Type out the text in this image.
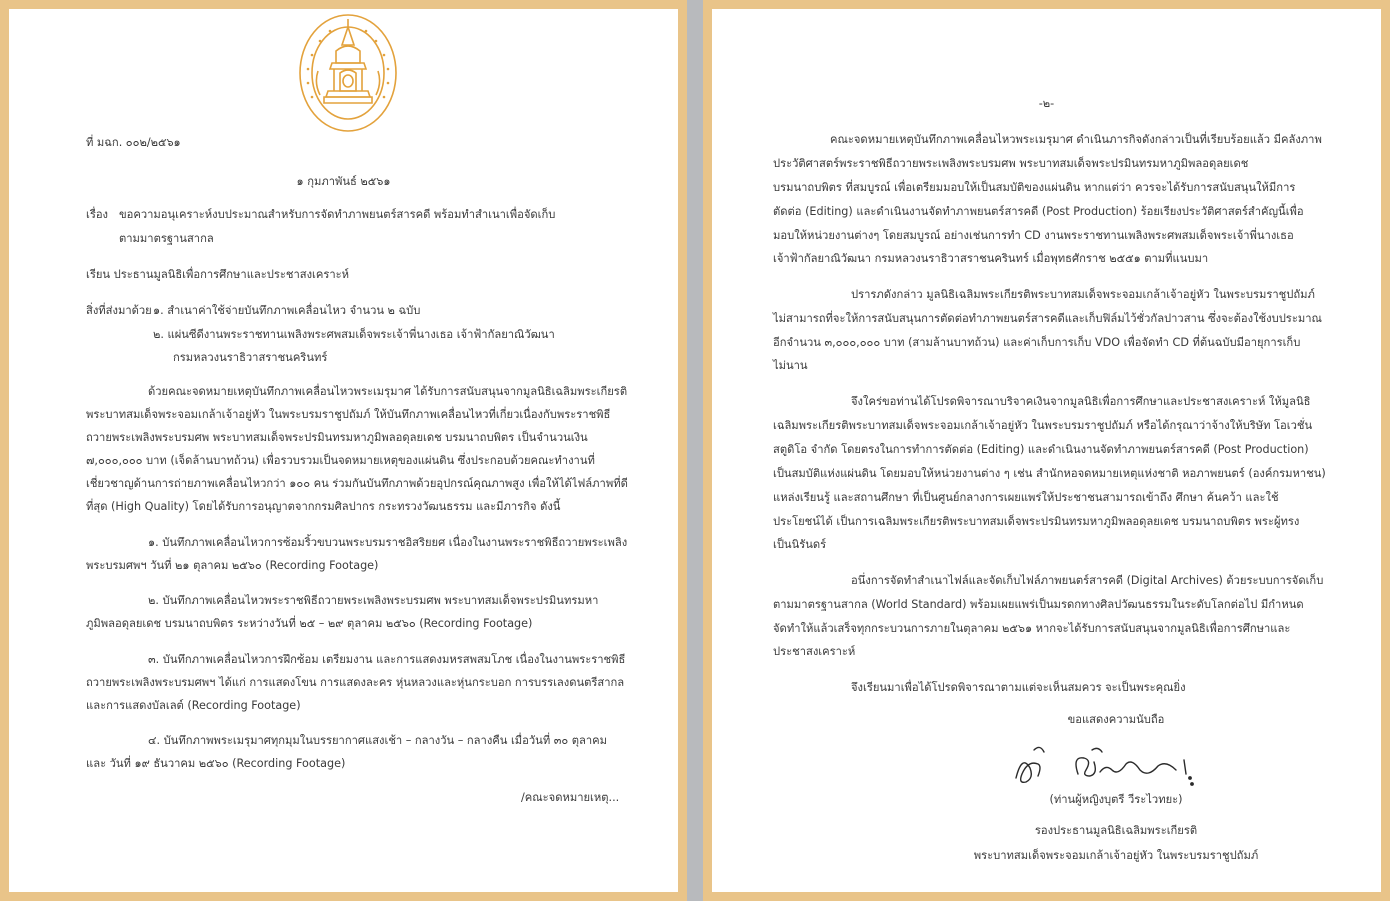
ที่ มฉก. ๐๐๒/๒๕๖๑
๑ กุมภาพันธ์ ๒๕๖๑
เรื่อง ขอความอนุเคราะห์งบประมาณสำหรับการจัดทำภาพยนตร์สารคดี พร้อมทำสำเนาเพื่อจัดเก็บ
ตามมาตรฐานสากล
เรียน ประธานมูลนิธิเพื่อการศึกษาและประชาสงเคราะห์
สิ่งที่ส่งมาด้วย ๑. สำเนาค่าใช้จ่ายบันทึกภาพเคลื่อนไหว จำนวน ๒ ฉบับ
๒. แผ่นซีดีงานพระราชทานเพลิงพระศพสมเด็จพระเจ้าพี่นางเธอ เจ้าฟ้ากัลยาณิวัฒนา
กรมหลวงนราธิวาสราชนครินทร์
ด้วยคณะจดหมายเหตุบันทึกภาพเคลื่อนไหวพระเมรุมาศ ได้รับการสนับสนุนจากมูลนิธิเฉลิมพระเกียรติ
พระบาทสมเด็จพระจอมเกล้าเจ้าอยู่หัว ในพระบรมราชูปถัมภ์ ให้บันทึกภาพเคลื่อนไหวที่เกี่ยวเนื่องกับพระราชพิธี
ถวายพระเพลิงพระบรมศพ พระบาทสมเด็จพระปรมินทรมหาภูมิพลอดุลยเดช บรมนาถบพิตร เป็นจำนวนเงิน
๗,๐๐๐,๐๐๐ บาท (เจ็ดล้านบาทถ้วน) เพื่อรวบรวมเป็นจดหมายเหตุของแผ่นดิน ซึ่งประกอบด้วยคณะทำงานที่
เชี่ยวชาญด้านการถ่ายภาพเคลื่อนไหวกว่า ๑๐๐ คน ร่วมกันบันทึกภาพด้วยอุปกรณ์คุณภาพสูง เพื่อให้ได้ไฟล์ภาพที่ดี
ที่สุด (High Quality) โดยได้รับการอนุญาตจากกรมศิลปากร กระทรวงวัฒนธรรม และมีภารกิจ ดังนี้
๑. บันทึกภาพเคลื่อนไหวการซ้อมริ้วขบวนพระบรมราชอิสริยยศ เนื่องในงานพระราชพิธีถวายพระเพลิง
พระบรมศพฯ วันที่ ๒๑ ตุลาคม ๒๕๖๐ (Recording Footage)
๒. บันทึกภาพเคลื่อนไหวพระราชพิธีถวายพระเพลิงพระบรมศพ พระบาทสมเด็จพระปรมินทรมหา
ภูมิพลอดุลยเดช บรมนาถบพิตร ระหว่างวันที่ ๒๕ – ๒๙ ตุลาคม ๒๕๖๐ (Recording Footage)
๓. บันทึกภาพเคลื่อนไหวการฝึกซ้อม เตรียมงาน และการแสดงมหรสพสมโภช เนื่องในงานพระราชพิธี
ถวายพระเพลิงพระบรมศพฯ ได้แก่ การแสดงโขน การแสดงละคร หุ่นหลวงและหุ่นกระบอก การบรรเลงดนตรีสากล
และการแสดงบัลเลต์ (Recording Footage)
๔. บันทึกภาพพระเมรุมาศทุกมุมในบรรยากาศแสงเช้า – กลางวัน – กลางคืน เมื่อวันที่ ๓๐ ตุลาคม
และ วันที่ ๑๙ ธันวาคม ๒๕๖๐ (Recording Footage)
/คณะจดหมายเหตุ...
-๒-
คณะจดหมายเหตุบันทึกภาพเคลื่อนไหวพระเมรุมาศ ดำเนินภารกิจดังกล่าวเป็นที่เรียบร้อยแล้ว มีคลังภาพ
ประวัติศาสตร์พระราชพิธีถวายพระเพลิงพระบรมศพ พระบาทสมเด็จพระปรมินทรมหาภูมิพลอดุลยเดช
บรมนาถบพิตร ที่สมบูรณ์ เพื่อเตรียมมอบให้เป็นสมบัติของแผ่นดิน หากแต่ว่า ควรจะได้รับการสนับสนุนให้มีการ
ตัดต่อ (Editing) และดำเนินงานจัดทำภาพยนตร์สารคดี (Post Production) ร้อยเรียงประวัติศาสตร์สำคัญนี้เพื่อ
มอบให้หน่วยงานต่างๆ โดยสมบูรณ์ อย่างเช่นการทำ CD งานพระราชทานเพลิงพระศพสมเด็จพระเจ้าพี่นางเธอ
เจ้าฟ้ากัลยาณิวัฒนา กรมหลวงนราธิวาสราชนครินทร์ เมื่อพุทธศักราช ๒๕๕๑ ตามที่แนบมา
ปรารภดังกล่าว มูลนิธิเฉลิมพระเกียรติพระบาทสมเด็จพระจอมเกล้าเจ้าอยู่หัว ในพระบรมราชูปถัมภ์
ไม่สามารถที่จะให้การสนับสนุนการตัดต่อทำภาพยนตร์สารคดีและเก็บฟิล์มไว้ชั่วกัลปาวสาน ซึ่งจะต้องใช้งบประมาณ
อีกจำนวน ๓,๐๐๐,๐๐๐ บาท (สามล้านบาทถ้วน) และค่าเก็บการเก็บ VDO เพื่อจัดทำ CD ที่ต้นฉบับมีอายุการเก็บ
ไม่นาน
จึงใคร่ขอท่านได้โปรดพิจารณาบริจาคเงินจากมูลนิธิเพื่อการศึกษาและประชาสงเคราะห์ ให้มูลนิธิ
เฉลิมพระเกียรติพระบาทสมเด็จพระจอมเกล้าเจ้าอยู่หัว ในพระบรมราชูปถัมภ์ หรือได้กรุณาว่าจ้างให้บริษัท โอเวชั่น
สตูดิโอ จำกัด โดยตรงในการทำการตัดต่อ (Editing) และดำเนินงานจัดทำภาพยนตร์สารคดี (Post Production)
เป็นสมบัติแห่งแผ่นดิน โดยมอบให้หน่วยงานต่าง ๆ เช่น สำนักหอจดหมายเหตุแห่งชาติ หอภาพยนตร์ (องค์กรมหาชน)
แหล่งเรียนรู้ และสถานศึกษา ที่เป็นศูนย์กลางการเผยแพร่ให้ประชาชนสามารถเข้าถึง ศึกษา ค้นคว้า และใช้
ประโยชน์ได้ เป็นการเฉลิมพระเกียรติพระบาทสมเด็จพระปรมินทรมหาภูมิพลอดุลยเดช บรมนาถบพิตร พระผู้ทรง
เป็นนิรันดร์
อนึ่งการจัดทำสำเนาไฟล์และจัดเก็บไฟล์ภาพยนตร์สารคดี (Digital Archives) ด้วยระบบการจัดเก็บ
ตามมาตรฐานสากล (World Standard) พร้อมเผยแพร่เป็นมรดกทางศิลปวัฒนธรรมในระดับโลกต่อไป มีกำหนด
จัดทำให้แล้วเสร็จทุกกระบวนการภายในตุลาคม ๒๕๖๑ หากจะได้รับการสนับสนุนจากมูลนิธิเพื่อการศึกษาและ
ประชาสงเคราะห์
จึงเรียนมาเพื่อได้โปรดพิจารณาตามแต่จะเห็นสมควร จะเป็นพระคุณยิ่ง
ขอแสดงความนับถือ
(ท่านผู้หญิงบุตรี วีระไวทยะ)
รองประธานมูลนิธิเฉลิมพระเกียรติ
พระบาทสมเด็จพระจอมเกล้าเจ้าอยู่หัว ในพระบรมราชูปถัมภ์
